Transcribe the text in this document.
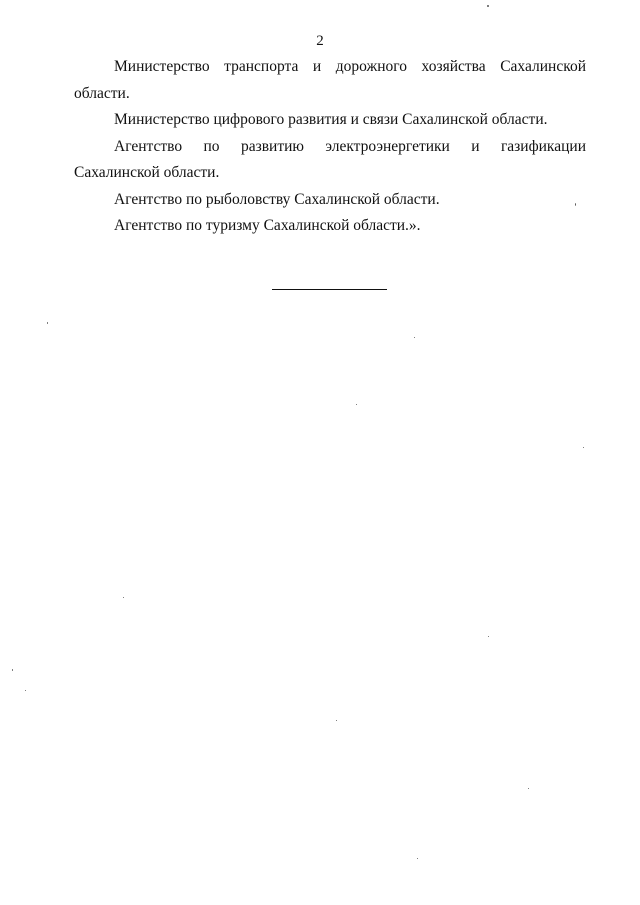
2

Министерство транспорта и дорожного хозяйства Сахалинской области.

Министерство цифрового развития и связи Сахалинской области.

Агентство по развитию электроэнергетики и газификации Сахалинской области.

Агентство по рыболовству Сахалинской области.

Агентство по туризму Сахалинской области.».
